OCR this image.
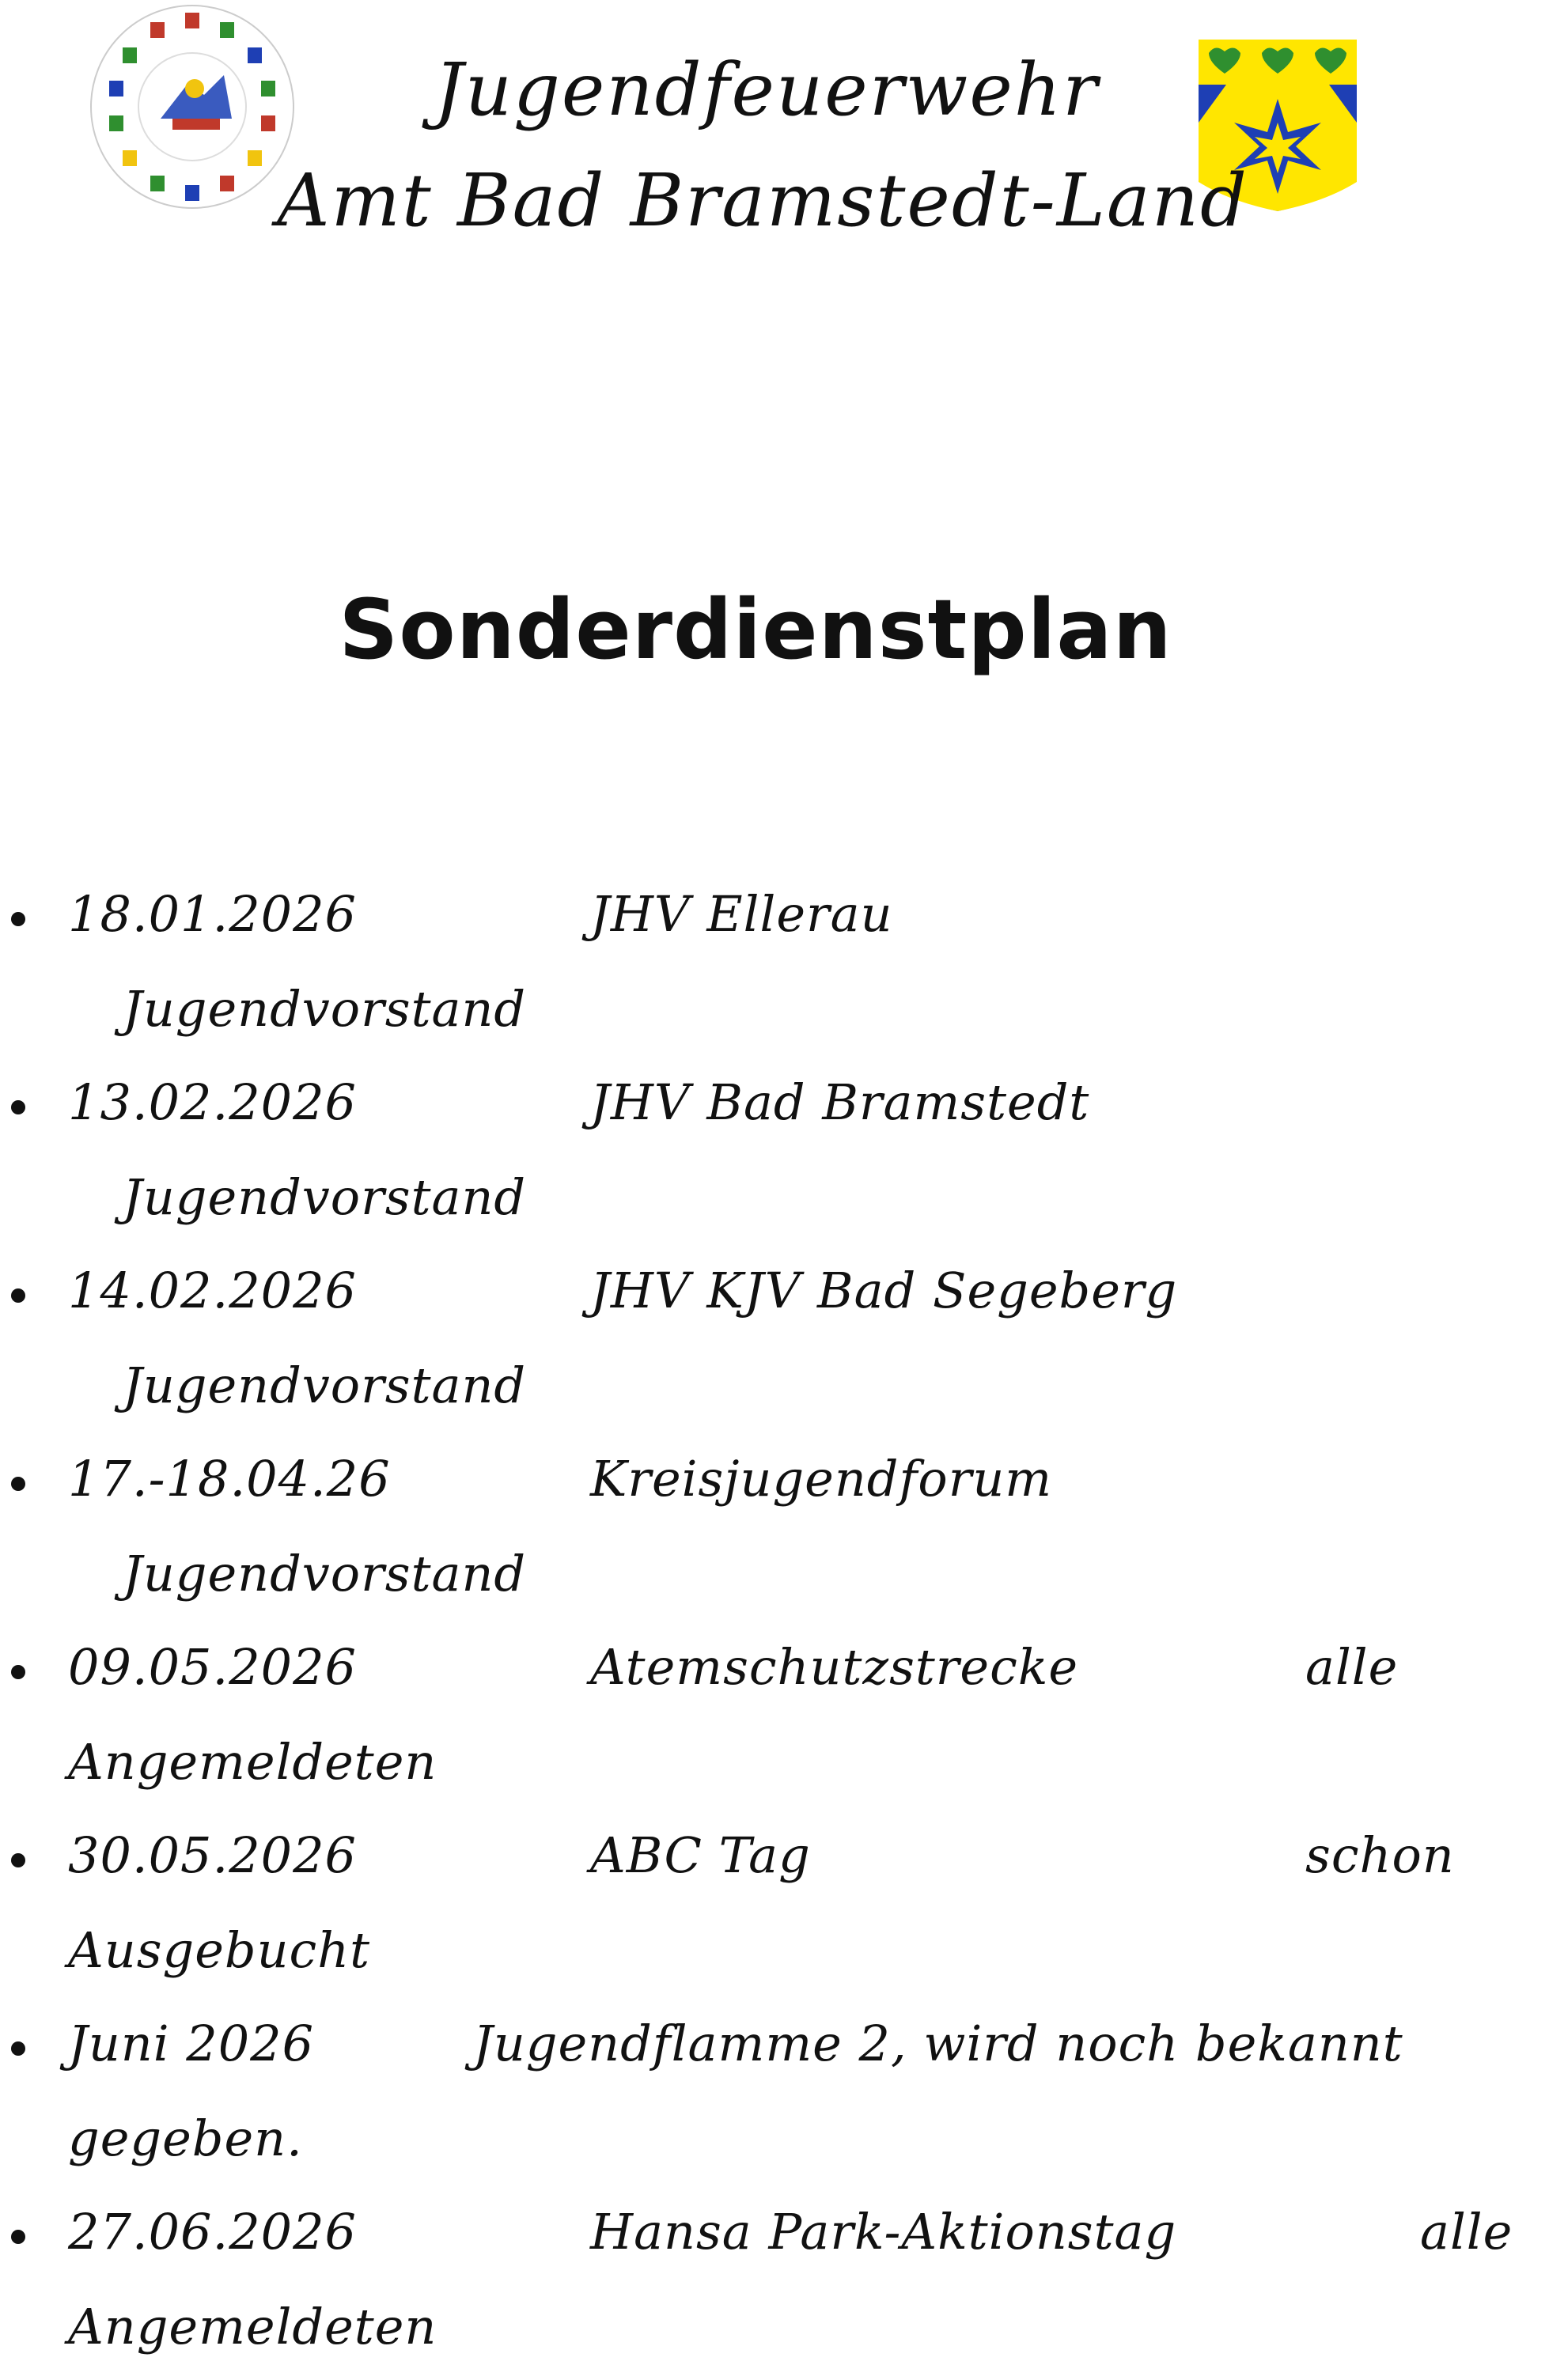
Jugendfeuerwehr
Amt Bad Bramstedt-Land
Sonderdienstplan
18.01.2026	JHV Ellerau
Jugendvorstand
13.02.2026	JHV Bad Bramstedt
Jugendvorstand
14.02.2026	JHV KJV Bad Segeberg
Jugendvorstand
17.-18.04.26	Kreisjugendforum
Jugendvorstand
09.05.2026	Atemschutzstrecke	alle
Angemeldeten
30.05.2026	ABC Tag	schon
Ausgebucht
Juni 2026	Jugendflamme 2, wird noch bekannt
gegeben.
27.06.2026	Hansa Park-Aktionstag	alle
Angemeldeten
